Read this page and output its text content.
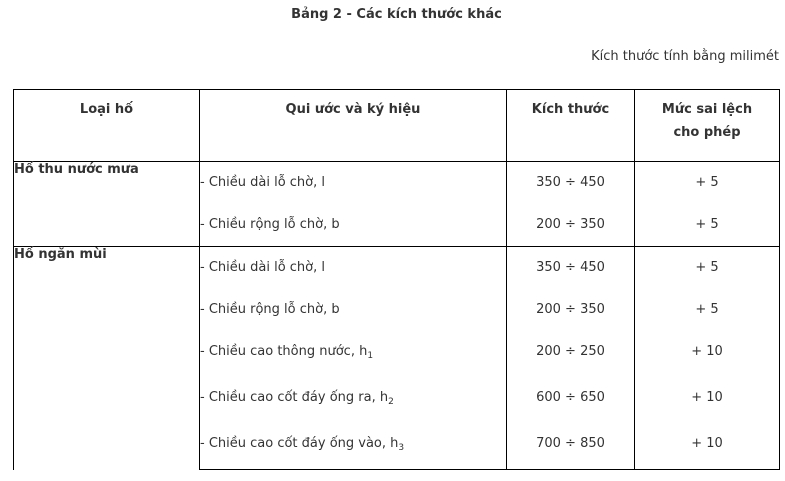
Bảng 2 - Các kích thước khác
Kích thước tính bằng milimét
Loại hố	Qui ước và ký hiệu	Kích thước	Mức sai lệch cho phép

Hố thu nước mưa	- Chiều dài lỗ chờ, l	350 ÷ 450	+ 5
	- Chiều rộng lỗ chờ, b	200 ÷ 350	+ 5
Hố ngăn mùi	- Chiều dài lỗ chờ, l	350 ÷ 450	+ 5
	- Chiều rộng lỗ chờ, b	200 ÷ 350	+ 5
	- Chiều cao thông nước, $h_1$	200 ÷ 250	+ 10
	- Chiều cao cốt đáy ống ra, $h_2$	600 ÷ 650	+ 10
	- Chiều cao cốt đáy ống vào, $h_3$	700 ÷ 850	+ 10
